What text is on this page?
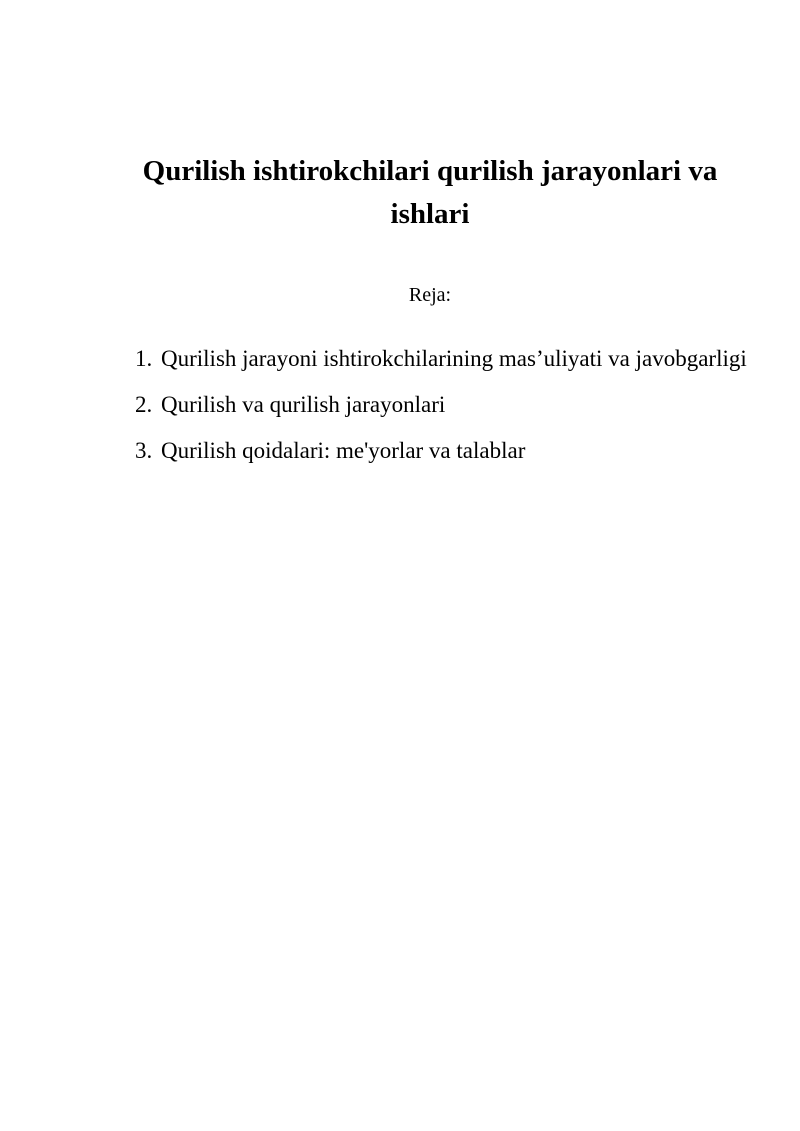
Qurilish ishtirokchilari qurilish jarayonlari va ishlari
Reja:
1. Qurilish jarayoni ishtirokchilarining mas’uliyati va javobgarligi
2. Qurilish va qurilish jarayonlari
3. Qurilish qoidalari: me'yorlar va talablar
